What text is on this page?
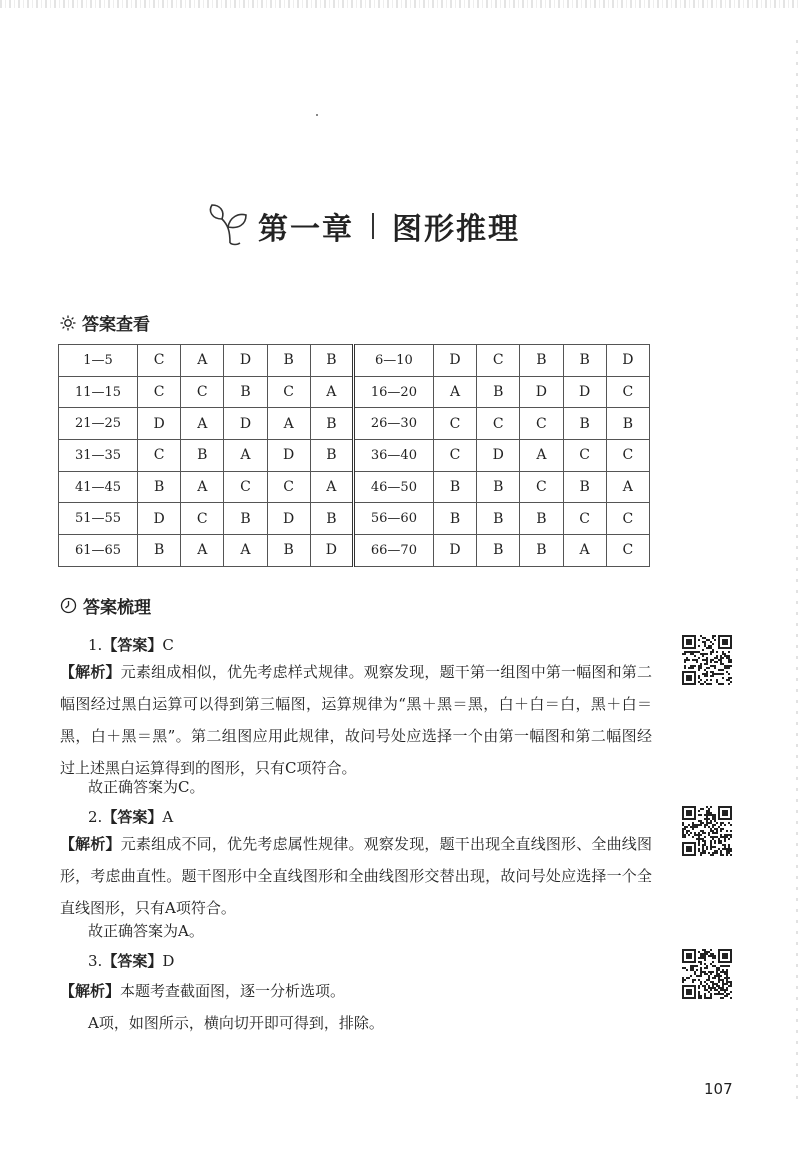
第一章 图形推理
答案查看
1—5	C	A	D	B	B	6—10	D	C	B	B	D
11—15	C	C	B	C	A	16—20	A	B	D	D	C
21—25	D	A	D	A	B	26—30	C	C	C	B	B
31—35	C	B	A	D	B	36—40	C	D	A	C	C
41—45	B	A	C	C	A	46—50	B	B	C	B	A
51—55	D	C	B	D	B	56—60	B	B	B	C	C
61—65	B	A	A	B	D	66—70	D	B	B	A	C
答案梳理
1.【答案】C
【解析】元素组成相似，优先考虑样式规律。观察发现，题干第一组图中第一幅图和第二幅图经过黑白运算可以得到第三幅图，运算规律为“黑＋黑＝黑，白＋白＝白，黑＋白＝黑，白＋黑＝黑”。第二组图应用此规律，故问号处应选择一个由第一幅图和第二幅图经过上述黑白运算得到的图形，只有C项符合。
故正确答案为C。
2.【答案】A
【解析】元素组成不同，优先考虑属性规律。观察发现，题干出现全直线图形、全曲线图形，考虑曲直性。题干图形中全直线图形和全曲线图形交替出现，故问号处应选择一个全直线图形，只有A项符合。
故正确答案为A。
3.【答案】D
【解析】本题考查截面图，逐一分析选项。
A项，如图所示，横向切开即可得到，排除。
107
